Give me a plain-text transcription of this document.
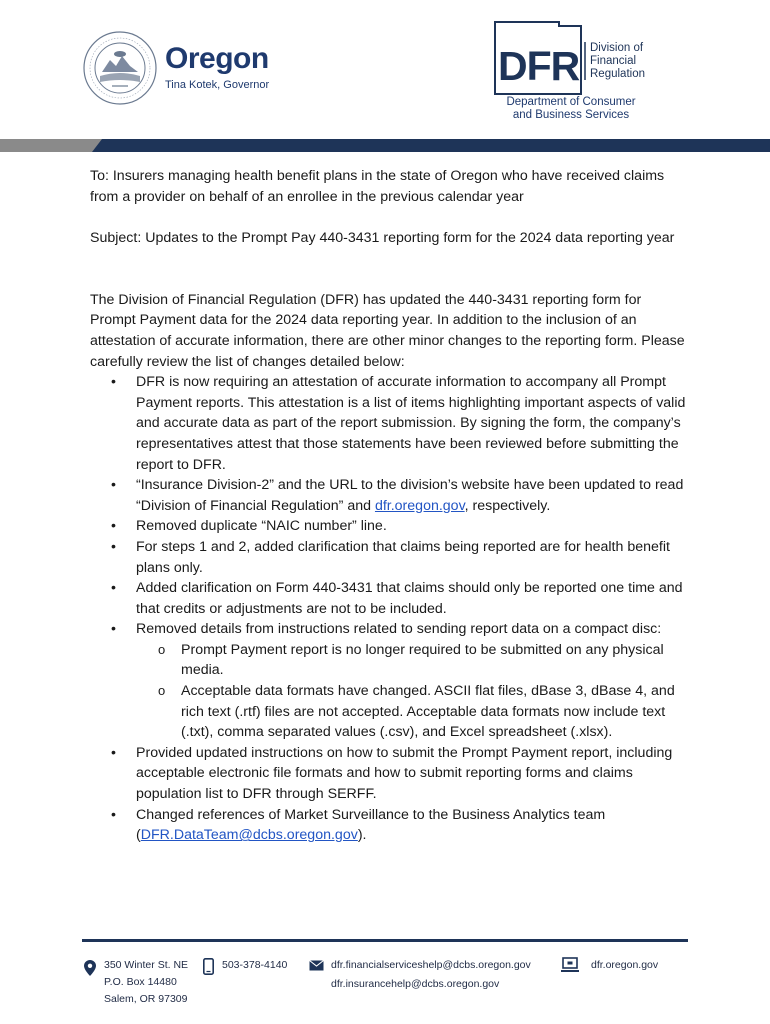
Oregon
Tina Kotek, Governor	DFR Division of
Financial
Regulation
Department of Consumer
and Business Services

To: Insurers managing health benefit plans in the state of Oregon who have received claims from a provider on behalf of an enrollee in the previous calendar year

Subject: Updates to the Prompt Pay 440-3431 reporting form for the 2024 data reporting year

The Division of Financial Regulation (DFR) has updated the 440-3431 reporting form for Prompt Payment data for the 2024 data reporting year. In addition to the inclusion of an attestation of accurate information, there are other minor changes to the reporting form. Please carefully review the list of changes detailed below:

• DFR is now requiring an attestation of accurate information to accompany all Prompt Payment reports. This attestation is a list of items highlighting important aspects of valid and accurate data as part of the report submission. By signing the form, the company’s representatives attest that those statements have been reviewed before submitting the report to DFR.
• “Insurance Division-2” and the URL to the division’s website have been updated to read “Division of Financial Regulation” and dfr.oregon.gov, respectively.
• Removed duplicate “NAIC number” line.
• For steps 1 and 2, added clarification that claims being reported are for health benefit plans only.
• Added clarification on Form 440-3431 that claims should only be reported one time and that credits or adjustments are not to be included.
• Removed details from instructions related to sending report data on a compact disc:
o Prompt Payment report is no longer required to be submitted on any physical media.
o Acceptable data formats have changed. ASCII flat files, dBase 3, dBase 4, and rich text (.rtf) files are not accepted. Acceptable data formats now include text (.txt), comma separated values (.csv), and Excel spreadsheet (.xlsx).
• Provided updated instructions on how to submit the Prompt Payment report, including acceptable electronic file formats and how to submit reporting forms and claims population list to DFR through SERFF.
• Changed references of Market Surveillance to the Business Analytics team (DFR.DataTeam@dcbs.oregon.gov).
350 Winter St. NE
P.O. Box 14480
Salem, OR 97309
503-378-4140	dfr.financialserviceshelp@dcbs.oregon.gov
dfr.insurancehelp@dcbs.oregon.gov
dfr.oregon.gov
